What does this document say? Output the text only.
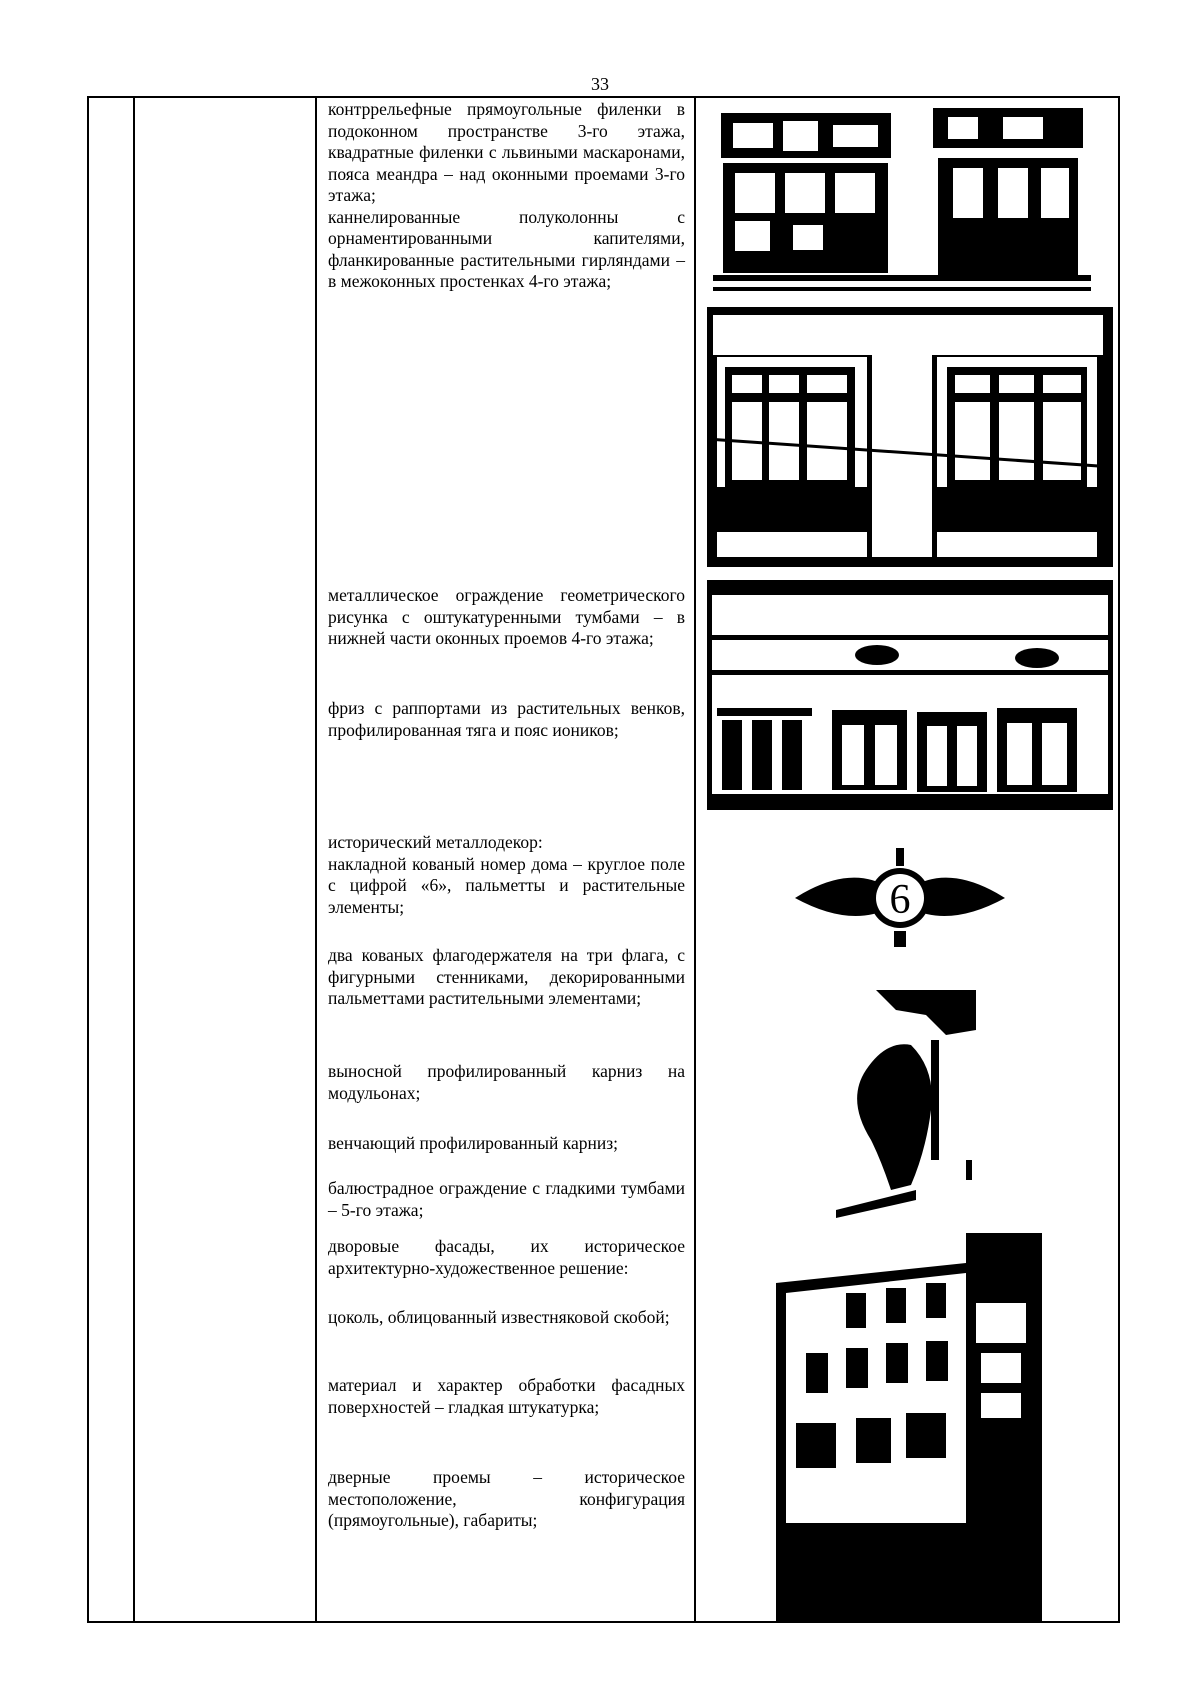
33

контррельефные прямоугольные филенки в подоконном пространстве 3-го этажа, квадратные филенки с львиными маскаронами, пояса меандра – над оконными проемами 3-го этажа;

каннелированные полуколонны с орнаментированными капителями, фланкированные растительными гирляндами – в межоконных простенках 4-го этажа;

металлическое ограждение геометрического рисунка с оштукатуренными тумбами – в нижней части оконных проемов 4-го этажа;

фриз с раппортами из растительных венков, профилированная тяга и пояс иоников;

исторический металлодекор:

накладной кованый номер дома – круглое поле с цифрой «6», пальметты и растительные элементы;

два кованых флагодержателя на три флага, с фигурными стенниками, декорированными пальметтами растительными элементами;

выносной профилированный карниз на модульонах;

венчающий профилированный карниз;

балюстрадное ограждение с гладкими тумбами – 5-го этажа;

дворовые фасады, их историческое архитектурно-художественное решение:

цоколь, облицованный известняковой скобой;

материал и характер обработки фасадных поверхностей – гладкая штукатурка;

дверные проемы – историческое местоположение, конфигурация (прямоугольные), габариты;

6
